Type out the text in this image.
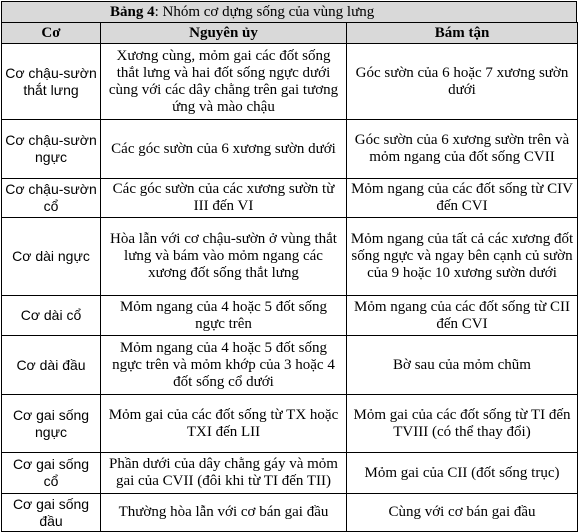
Bảng 4: Nhóm cơ dựng sống của vùng lưng
Cơ	Nguyên ủy	Bám tận
Cơ chậu-sườn thắt lưng	Xương cùng, mỏm gai các đốt sống thắt lưng và hai đốt sống ngực dưới cùng với các dây chằng trên gai tương ứng và mào chậu	Góc sườn của 6 hoặc 7 xương sườn dưới
Cơ chậu-sườn ngực	Các góc sườn của 6 xương sườn dưới	Góc sườn của 6 xương sườn trên và mỏm ngang của đốt sống CVII
Cơ chậu-sườn cổ	Các góc sườn của các xương sườn từ III đến VI	Mỏm ngang của các đốt sống từ CIV đến CVI
Cơ dài ngực	Hòa lẫn với cơ chậu-sườn ở vùng thắt lưng và bám vào mỏm ngang các xương đốt sống thắt lưng	Mỏm ngang của tất cả các xương đốt sống ngực và ngay bên cạnh củ sườn của 9 hoặc 10 xương sườn dưới
Cơ dài cổ	Mỏm ngang của 4 hoặc 5 đốt sống ngực trên	Mỏm ngang của các đốt sống từ CII đến CVI
Cơ dài đầu	Mỏm ngang của 4 hoặc 5 đốt sống ngực trên và mỏm khớp của 3 hoặc 4 đốt sống cổ dưới	Bờ sau của mỏm chũm
Cơ gai sống ngực	Mỏm gai của các đốt sống từ TX hoặc TXI đến LII	Mỏm gai của các đốt sống từ TI đến TVIII (có thể thay đổi)
Cơ gai sống cổ	Phần dưới của dây chằng gáy và mỏm gai của CVII (đôi khi từ TI đến TII)	Mỏm gai của CII (đốt sống trục)
Cơ gai sống đầu	Thường hòa lẫn với cơ bán gai đầu	Cùng với cơ bán gai đầu
